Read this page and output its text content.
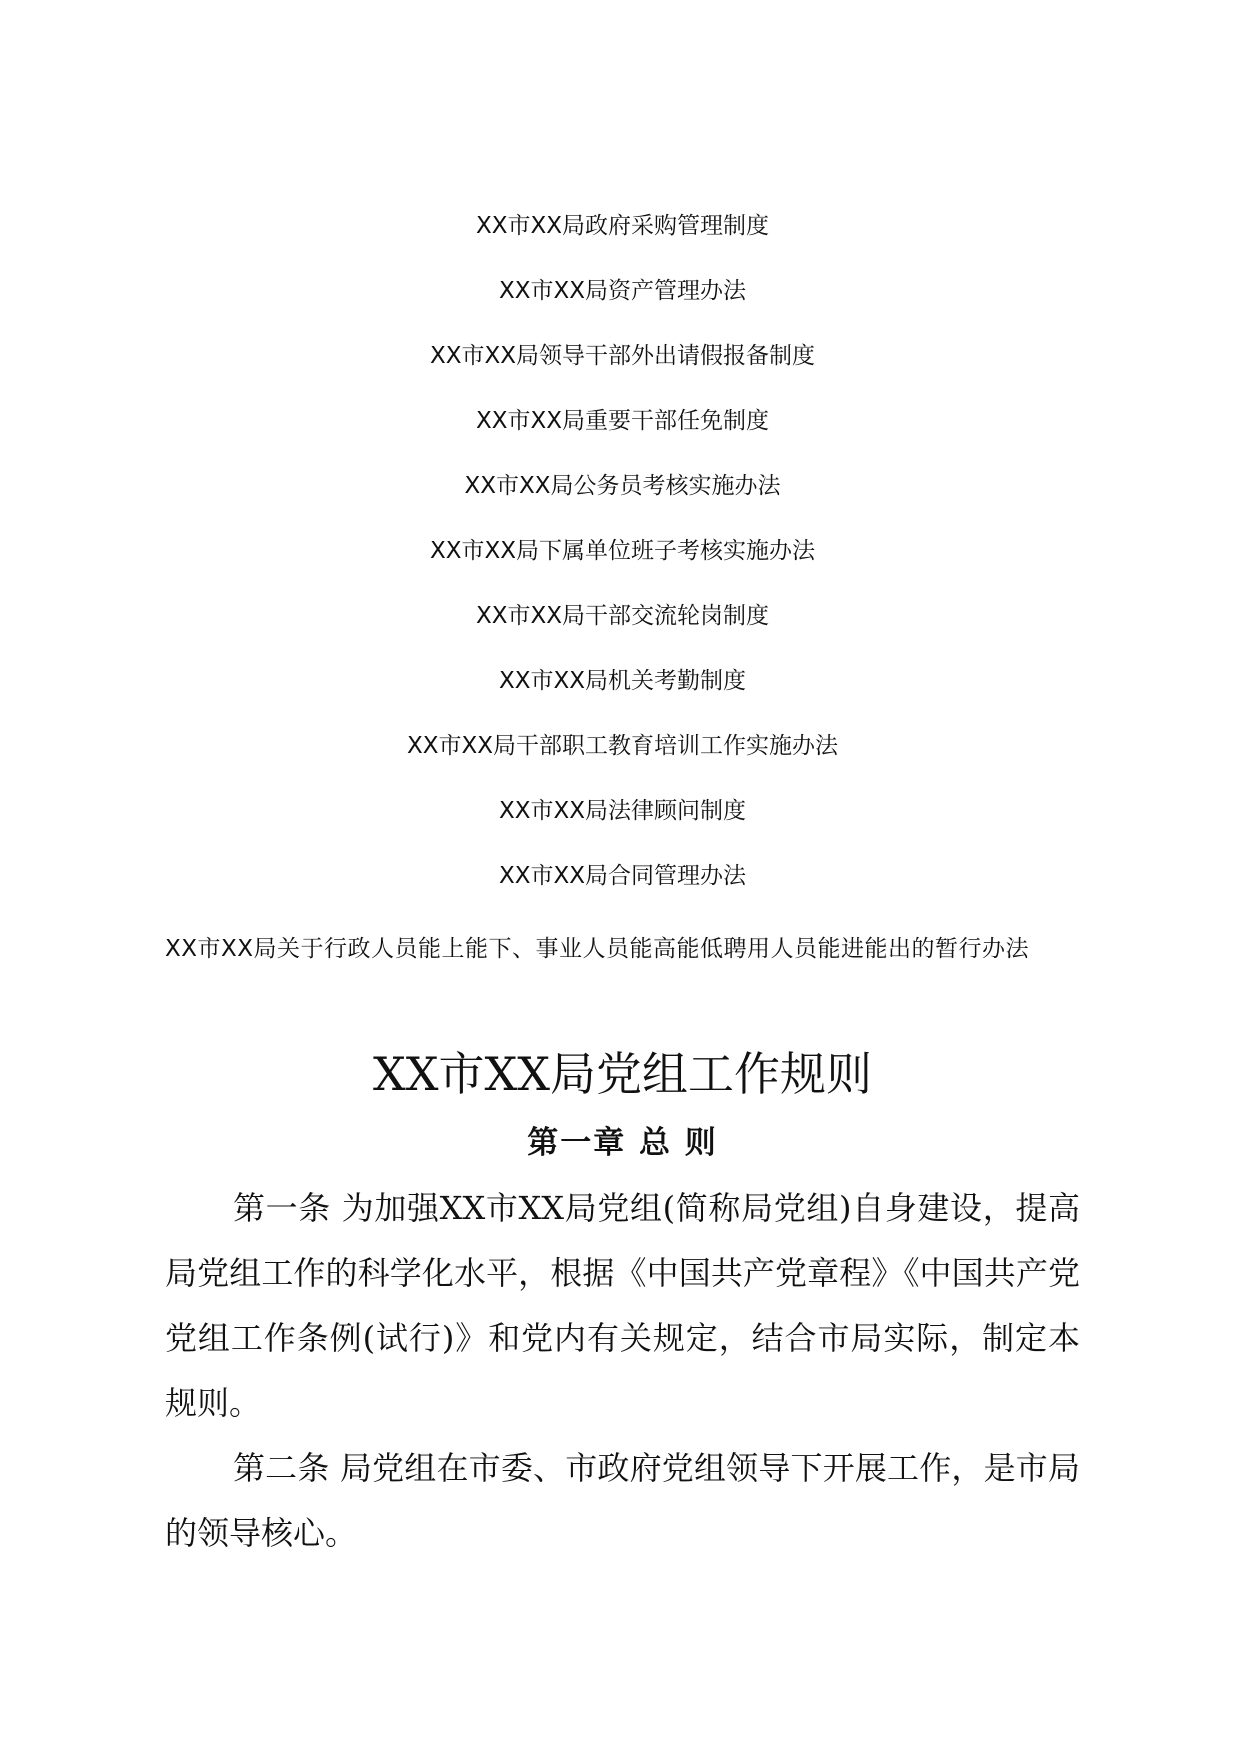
XX市XX局政府采购管理制度
XX市XX局资产管理办法
XX市XX局领导干部外出请假报备制度
XX市XX局重要干部任免制度
XX市XX局公务员考核实施办法
XX市XX局下属单位班子考核实施办法
XX市XX局干部交流轮岗制度
XX市XX局机关考勤制度
XX市XX局干部职工教育培训工作实施办法
XX市XX局法律顾问制度
XX市XX局合同管理办法
XX市XX局关于行政人员能上能下、事业人员能高能低聘用人员能进能出的暂行办法
XX市XX局党组工作规则
第一章 总 则

第一条 为加强XX市XX局党组(简称局党组)自身建设，提高局党组工作的科学化水平，根据《中国共产党章程》《中国共产党党组工作条例(试行)》和党内有关规定，结合市局实际，制定本规则。

第二条 局党组在市委、市政府党组领导下开展工作，是市局的领导核心。
